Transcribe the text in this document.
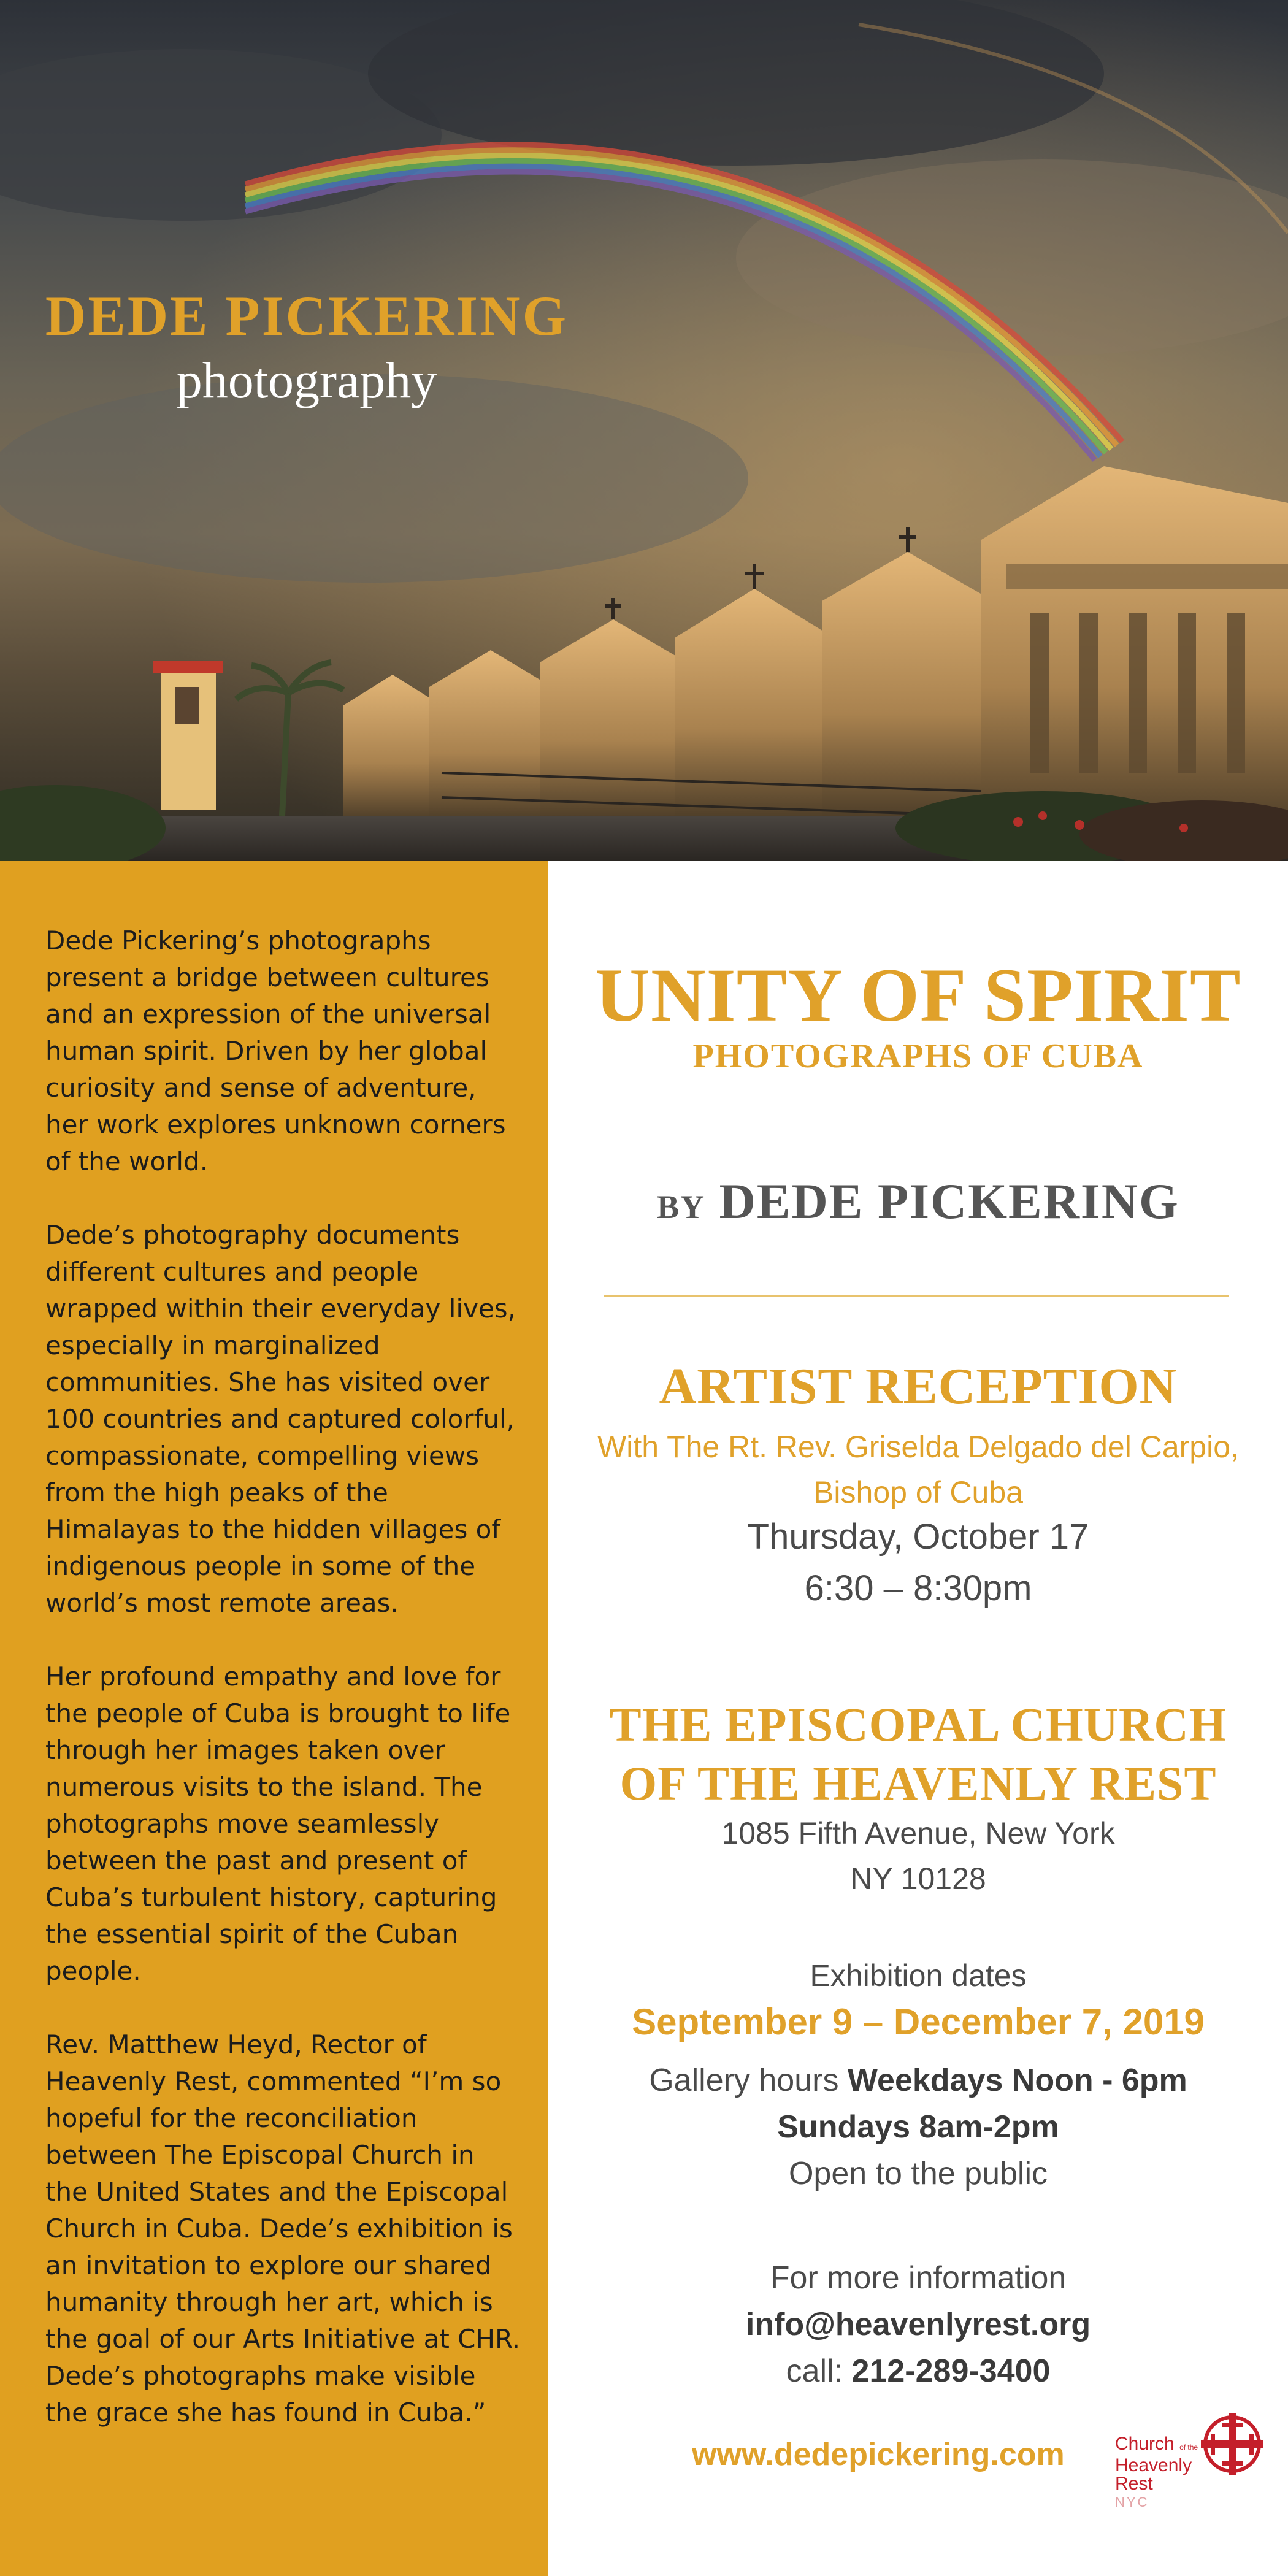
DEDE PICKERING
photography

Dede Pickering’s photographs present a bridge between cultures and an expression of the universal human spirit. Driven by her global curiosity and sense of adventure, her work explores unknown corners of the world.

Dede’s photography documents different cultures and people wrapped within their everyday lives, especially in marginalized communities. She has visited over 100 countries and captured colorful, compassionate, compelling views from the high peaks of the Himalayas to the hidden villages of indigenous people in some of the world’s most remote areas.

Her profound empathy and love for the people of Cuba is brought to life through her images taken over numerous visits to the island. The photographs move seamlessly between the past and present of Cuba’s turbulent history, capturing the essential spirit of the Cuban people.

Rev. Matthew Heyd, Rector of Heavenly Rest, commented “I’m so hopeful for the reconciliation between The Episcopal Church in the United States and the Episcopal Church in Cuba. Dede’s exhibition is an invitation to explore our shared humanity through her art, which is the goal of our Arts Initiative at CHR. Dede’s photographs make visible the grace she has found in Cuba.”

UNITY OF SPIRIT
PHOTOGRAPHS OF CUBA
BY DEDE PICKERING
ARTIST RECEPTION
With The Rt. Rev. Griselda Delgado del Carpio,
Bishop of Cuba
Thursday, October 17
6:30 – 8:30pm
THE EPISCOPAL CHURCH
OF THE HEAVENLY REST
1085 Fifth Avenue, New York
NY 10128
Exhibition dates
September 9 – December 7, 2019
Gallery hours Weekdays Noon - 6pm
Sundays 8am-2pm
Open to the public
For more information
info@heavenlyrest.org
call: 212-289-3400
www.dedepickering.com	Church of the
Heavenly
Rest
NYC
